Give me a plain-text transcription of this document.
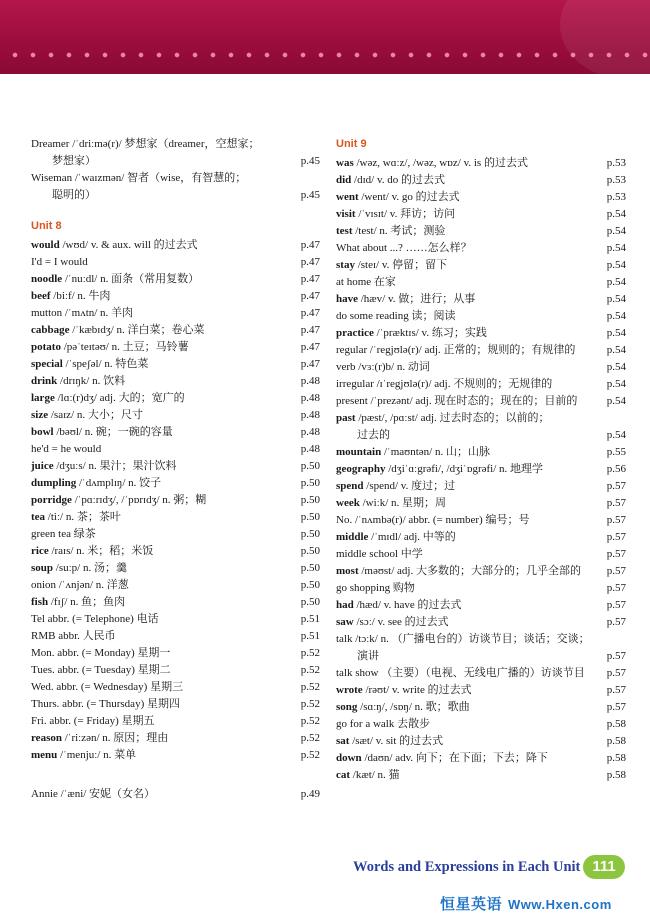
Dreamer /ˈdriːmə(r)/ 梦想家（dreamer，空想家；
梦想家）	p.45
Wiseman /ˈwaɪzmən/ 智者（wise，有智慧的；
聪明的）	p.45
Unit 8
would /wʊd/ v. & aux. will 的过去式	p.47
I'd = I would	p.47
noodle /ˈnuːdl/ n. 面条（常用复数）	p.47
beef /biːf/ n. 牛肉	p.47
mutton /ˈmʌtn/ n. 羊肉	p.47
cabbage /ˈkæbɪdʒ/ n. 洋白菜；卷心菜	p.47
potato /pəˈteɪtəʊ/ n. 土豆；马铃薯	p.47
special /ˈspeʃəl/ n. 特色菜	p.47
drink /drɪŋk/ n. 饮料	p.48
large /lɑː(r)dʒ/ adj. 大的；宽广的	p.48
size /saɪz/ n. 大小；尺寸	p.48
bowl /bəʊl/ n. 碗；一碗的容量	p.48
he'd = he would	p.48
juice /dʒuːs/ n. 果汁；果汁饮料	p.50
dumpling /ˈdʌmplɪŋ/ n. 饺子	p.50
porridge /ˈpɑːrɪdʒ/, /ˈpɒrɪdʒ/ n. 粥；糊	p.50
tea /tiː/ n. 茶；茶叶	p.50
green tea 绿茶	p.50
rice /raɪs/ n. 米；稻；米饭	p.50
soup /suːp/ n. 汤；羹	p.50
onion /ˈʌnjən/ n. 洋葱	p.50
fish /fɪʃ/ n. 鱼；鱼肉	p.50
Tel abbr. (= Telephone) 电话	p.51
RMB abbr. 人民币	p.51
Mon. abbr. (= Monday) 星期一	p.52
Tues. abbr. (= Tuesday) 星期二	p.52
Wed. abbr. (= Wednesday) 星期三	p.52
Thurs. abbr. (= Thursday) 星期四	p.52
Fri. abbr. (= Friday) 星期五	p.52
reason /ˈriːzən/ n. 原因；理由	p.52
menu /ˈmenjuː/ n. 菜单	p.52
Annie /ˈæni/ 安妮（女名）	p.49
Unit 9
was /wəz, wɑːz/, /wəz, wɒz/ v. is 的过去式	p.53
did /dɪd/ v. do 的过去式	p.53
went /went/ v. go 的过去式	p.53
visit /ˈvɪsɪt/ v. 拜访；访问	p.54
test /test/ n. 考试；测验	p.54
What about ...? ……怎么样？	p.54
stay /steɪ/ v. 停留；留下	p.54
at home 在家	p.54
have /hæv/ v. 做；进行；从事	p.54
do some reading 读；阅读	p.54
practice /ˈpræktɪs/ v. 练习；实践	p.54
regular /ˈregjʊlə(r)/ adj. 正常的；规则的；有规律的	p.54
verb /vɜː(r)b/ n. 动词	p.54
irregular /ɪˈregjʊlə(r)/ adj. 不规则的；无规律的	p.54
present /ˈprezənt/ adj. 现在时态的；现在的；目前的	p.54
past /pæst/, /pɑːst/ adj. 过去时态的；以前的；
过去的	p.54
mountain /ˈmaʊntən/ n. 山；山脉	p.55
geography /dʒiˈɑːgrəfi/, /dʒiˈɒgrəfi/ n. 地理学	p.56
spend /spend/ v. 度过；过	p.57
week /wiːk/ n. 星期；周	p.57
No. /ˈnʌmbə(r)/ abbr. (= number) 编号；号	p.57
middle /ˈmɪdl/ adj. 中等的	p.57
middle school 中学	p.57
most /məʊst/ adj. 大多数的；大部分的；几乎全部的 p.57
go shopping 购物	p.57
had /hæd/ v. have 的过去式	p.57
saw /sɔː/ v. see 的过去式	p.57
talk /tɔːk/ n. （广播电台的）访谈节目；谈话；交谈；
演讲	p.57
talk show （主要）（电视、无线电广播的）访谈节目 p.57
wrote /rəʊt/ v. write 的过去式	p.57
song /sɑːŋ/, /sɒŋ/ n. 歌；歌曲	p.57
go for a walk 去散步	p.58
sat /sæt/ v. sit 的过去式	p.58
down /daʊn/ adv. 向下；在下面；下去；降下	p.58
cat /kæt/ n. 猫	p.58
Words and Expressions in Each Unit 111
恒星英语 Www.Hxen.com
